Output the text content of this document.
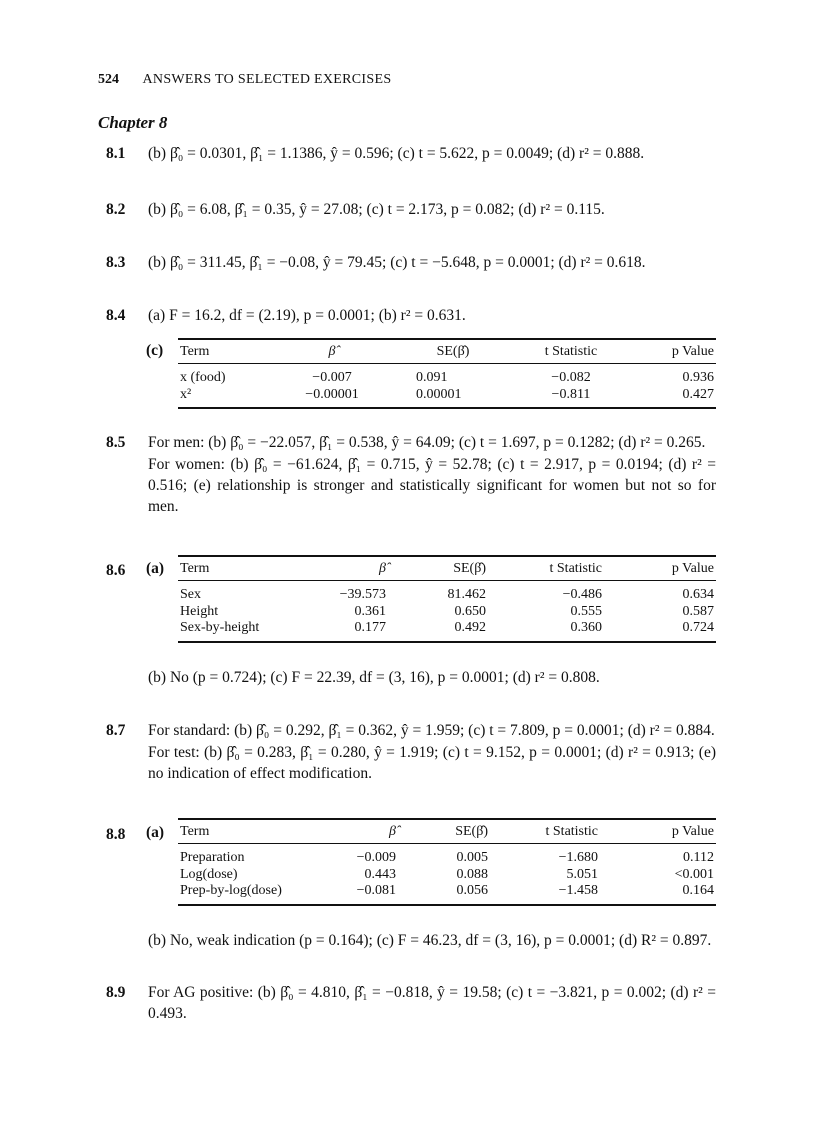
524 ANSWERS TO SELECTED EXERCISES
Chapter 8
8.1 (b) β̂₀ = 0.0301, β̂₁ = 1.1386, ŷ = 0.596; (c) t = 5.622, p = 0.0049; (d) r² = 0.888.

8.2 (b) β̂₀ = 6.08, β̂₁ = 0.35, ŷ = 27.08; (c) t = 2.173, p = 0.082; (d) r² = 0.115.

8.3 (b) β̂₀ = 311.45, β̂₁ = −0.08, ŷ = 79.45; (c) t = −5.648, p = 0.0001; (d) r² = 0.618.

8.4 (a) F = 16.2, df = (2.19), p = 0.0001; (b) r² = 0.631.

(c) Term	β̂	SE(β̂)	t Statistic	p Value
x (food)	−0.007	0.091	−0.082	0.936
x²	−0.00001	0.00001	−0.811	0.427
8.5 For men: (b) β̂₀ = −22.057, β̂₁ = 0.538, ŷ = 64.09; (c) t = 1.697, p = 0.1282; (d) r² = 0.265.

For women: (b) β̂₀ = −61.624, β̂₁ = 0.715, ŷ = 52.78; (c) t = 2.917, p = 0.0194; (d) r² = 0.516; (e) relationship is stronger and statistically significant for women but not so for men.

8.6 (a) Term	β̂	SE(β̂)	t Statistic	p Value
Sex	−39.573	81.462	−0.486	0.634
Height	0.361	0.650	0.555	0.587
Sex-by-height	0.177	0.492	0.360	0.724

(b) No (p = 0.724); (c) F = 22.39, df = (3, 16), p = 0.0001; (d) r² = 0.808.

8.7 For standard: (b) β̂₀ = 0.292, β̂₁ = 0.362, ŷ = 1.959; (c) t = 7.809, p = 0.0001; (d) r² = 0.884.

For test: (b) β̂₀ = 0.283, β̂₁ = 0.280, ŷ = 1.919; (c) t = 9.152, p = 0.0001; (d) r² = 0.913; (e) no indication of effect modification.

8.8 (a) Term	β̂	SE(β̂)	t Statistic	p Value
Preparation	−0.009	0.005	−1.680	0.112
Log(dose)	0.443	0.088	5.051	<0.001
Prep-by-log(dose)	−0.081	0.056	−1.458	0.164

(b) No, weak indication (p = 0.164); (c) F = 46.23, df = (3, 16), p = 0.0001; (d) R² = 0.897.

8.9 For AG positive: (b) β̂₀ = 4.810, β̂₁ = −0.818, ŷ = 19.58; (c) t = −3.821, p = 0.002; (d) r² = 0.493.
